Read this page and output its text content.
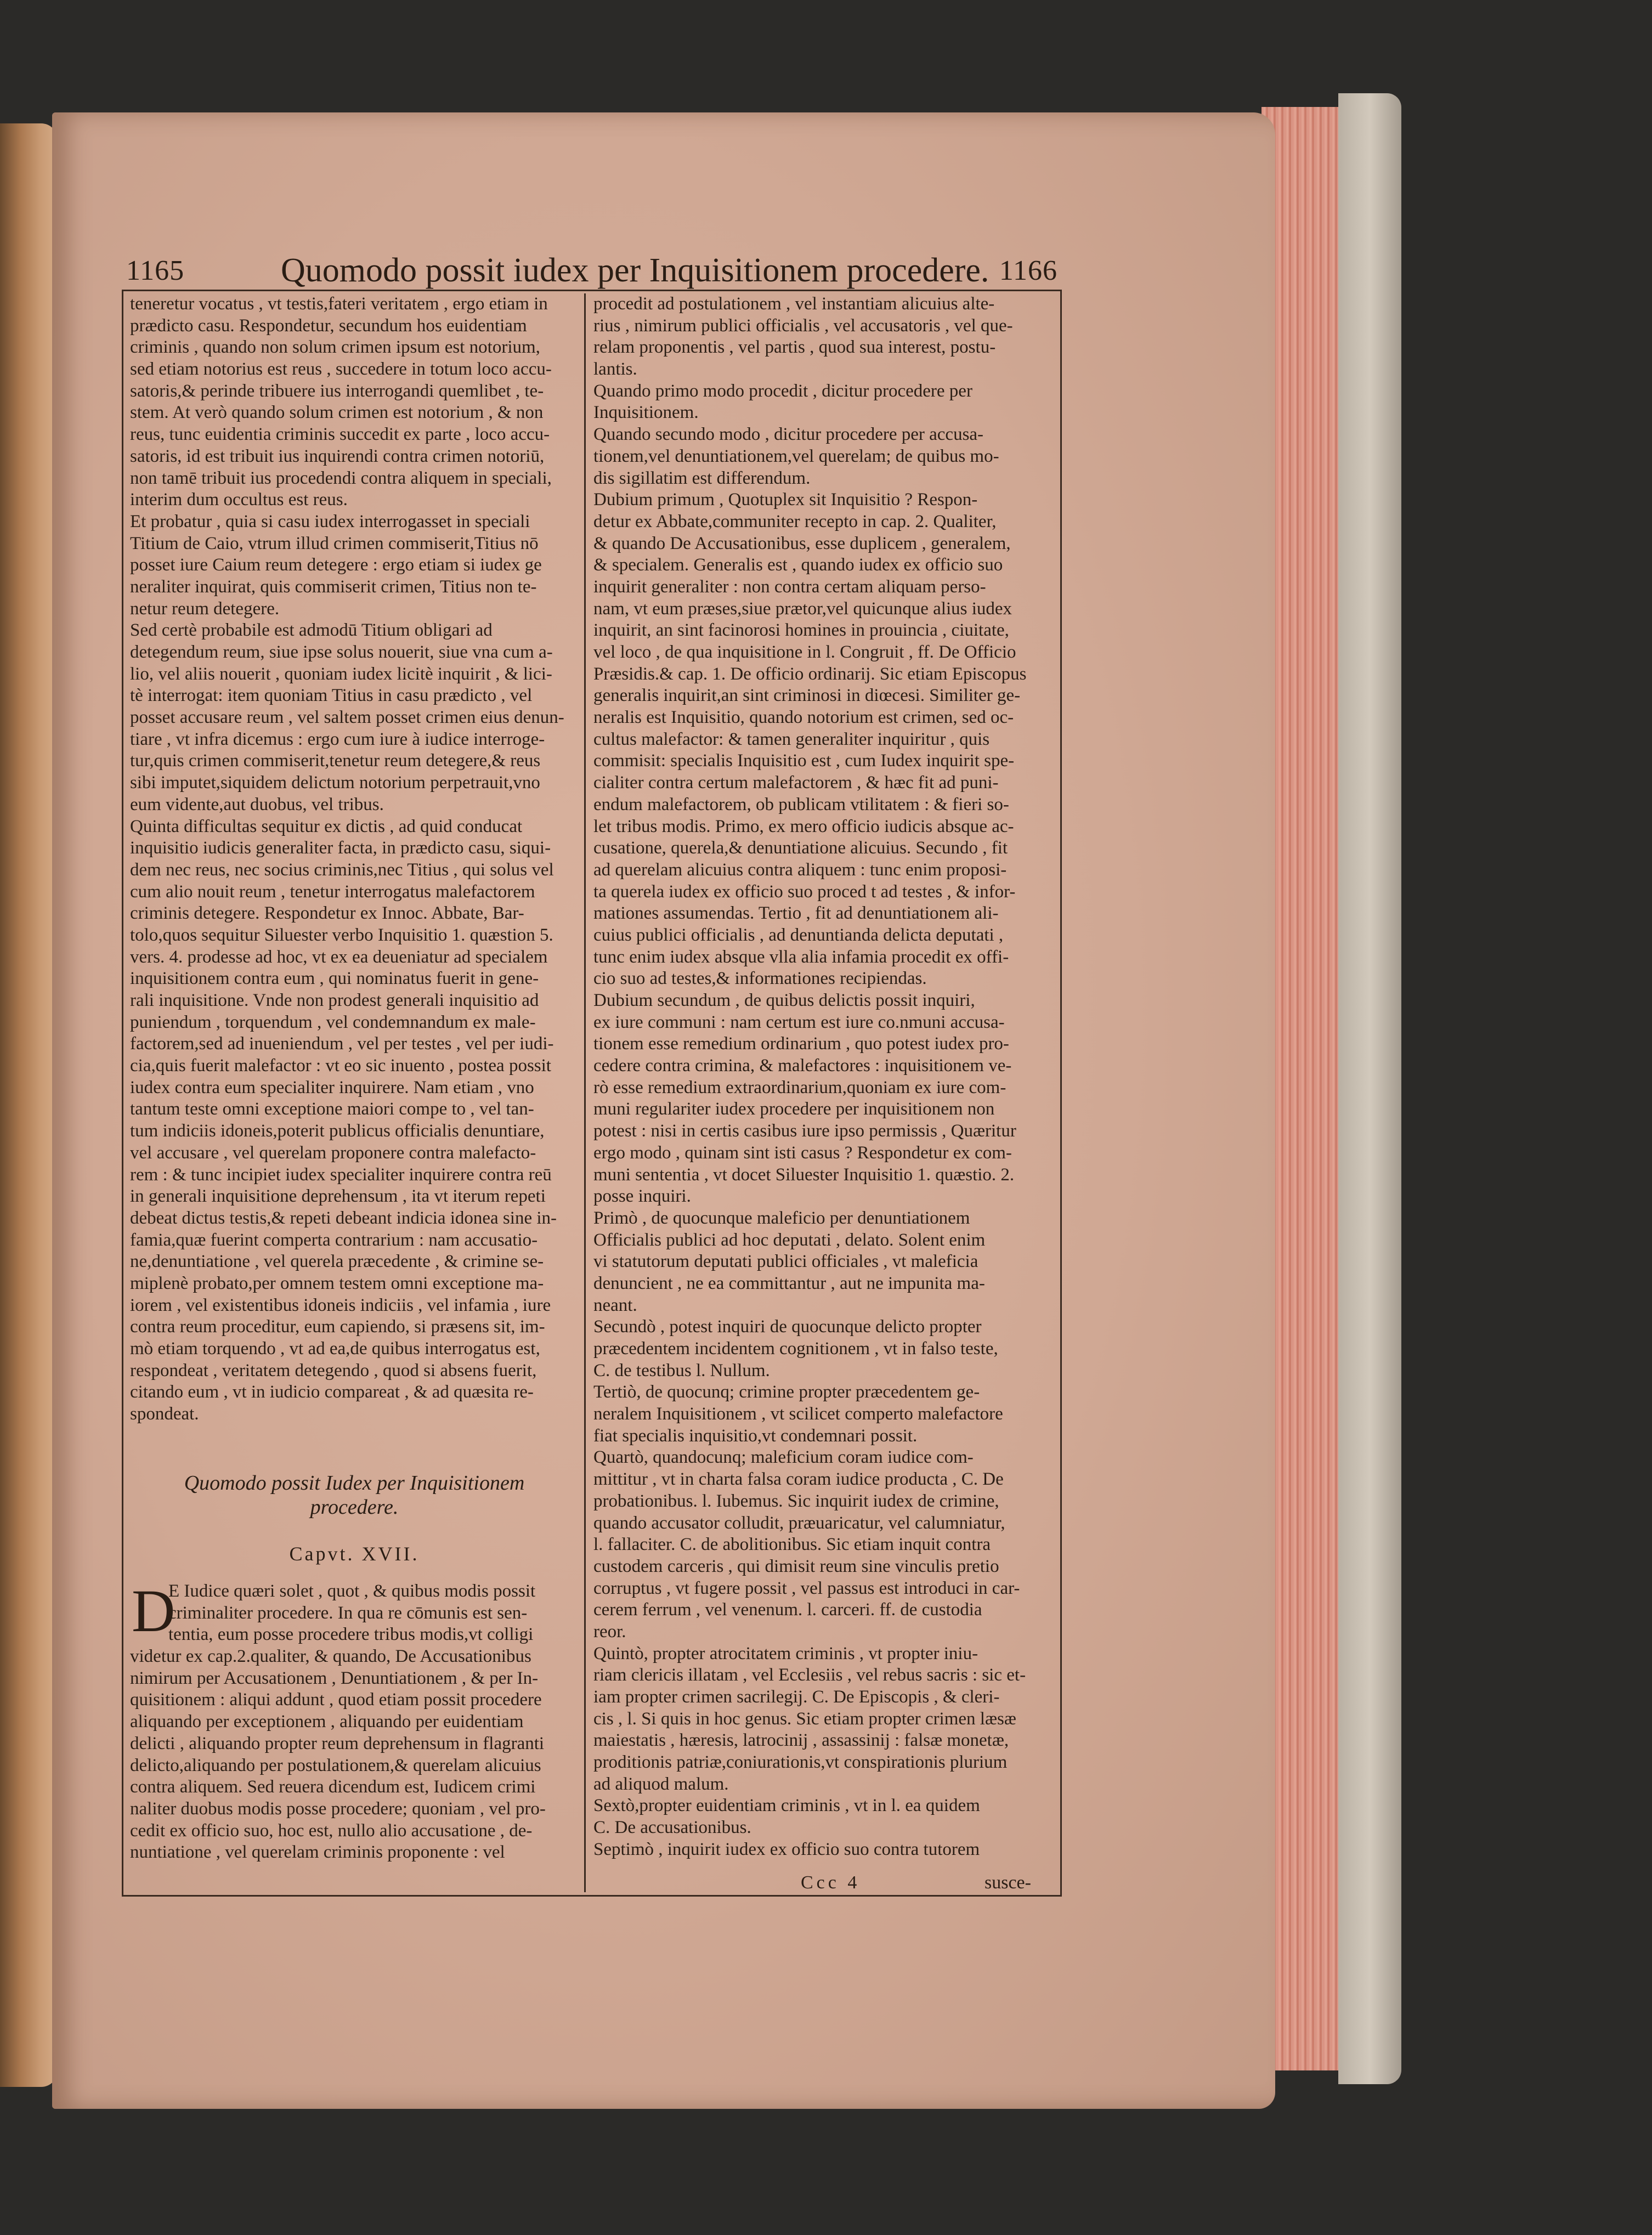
1165	Quomodo possit iudex per Inquisitionem procedere. 1166
teneretur vocatus , vt testis,fateri veritatem , ergo etiam in
prædicto casu. Respondetur, secundum hos euidentiam
criminis , quando non solum crimen ipsum est notorium,
sed etiam notorius est reus , succedere in totum loco accu-
satoris,& perinde tribuere ius interrogandi quemlibet , te-
stem. At verò quando solum crimen est notorium , & non
reus, tunc euidentia criminis succedit ex parte , loco accu-
satoris, id est tribuit ius inquirendi contra crimen notoriū,
non tamē tribuit ius procedendi contra aliquem in speciali,
interim dum occultus est reus.
Et probatur , quia si casu iudex interrogasset in speciali
Titium de Caio, vtrum illud crimen commiserit,Titius nō
posset iure Caium reum detegere : ergo etiam si iudex ge
neraliter inquirat, quis commiserit crimen, Titius non te-
netur reum detegere.
Sed certè probabile est admodū Titium obligari ad
detegendum reum, siue ipse solus nouerit, siue vna cum a-
lio, vel aliis nouerit , quoniam iudex licitè inquirit , & lici-
tè interrogat: item quoniam Titius in casu prædicto , vel
posset accusare reum , vel saltem posset crimen eius denun-
tiare , vt infra dicemus : ergo cum iure à iudice interroge-
tur,quis crimen commiserit,tenetur reum detegere,& reus
sibi imputet,siquidem delictum notorium perpetrauit,vno
eum vidente,aut duobus, vel tribus.
Quinta difficultas sequitur ex dictis , ad quid conducat
inquisitio iudicis generaliter facta, in prædicto casu, siqui-
dem nec reus, nec socius criminis,nec Titius , qui solus vel
cum alio nouit reum , tenetur interrogatus malefactorem
criminis detegere. Respondetur ex Innoc. Abbate, Bar-
tolo,quos sequitur Siluester verbo Inquisitio 1. quæstion 5.
vers. 4. prodesse ad hoc, vt ex ea deueniatur ad specialem
inquisitionem contra eum , qui nominatus fuerit in gene-
rali inquisitione. Vnde non prodest generali inquisitio ad
puniendum , torquendum , vel condemnandum ex male-
factorem,sed ad inueniendum , vel per testes , vel per iudi-
cia,quis fuerit malefactor : vt eo sic inuento , postea possit
iudex contra eum specialiter inquirere. Nam etiam , vno
tantum teste omni exceptione maiori compe to , vel tan-
tum indiciis idoneis,poterit publicus officialis denuntiare,
vel accusare , vel querelam proponere contra malefacto-
rem : & tunc incipiet iudex specialiter inquirere contra reū
in generali inquisitione deprehensum , ita vt iterum repeti
debeat dictus testis,& repeti debeant indicia idonea sine in-
famia,quæ fuerint comperta contrarium : nam accusatio-
ne,denuntiatione , vel querela præcedente , & crimine se-
miplenè probato,per omnem testem omni exceptione ma-
iorem , vel existentibus idoneis indiciis , vel infamia , iure
contra reum proceditur, eum capiendo, si præsens sit, im-
mò etiam torquendo , vt ad ea,de quibus interrogatus est,
respondeat , veritatem detegendo , quod si absens fuerit,
citando eum , vt in iudicio compareat , & ad quæsita re-
spondeat.
Quomodo possit Iudex per Inquisitionem
procedere.
Capvt. XVII.
D
E Iudice quæri solet , quot , & quibus modis possit
criminaliter procedere. In qua re cōmunis est sen-
tentia, eum posse procedere tribus modis,vt colligi
videtur ex cap.2.qualiter, & quando, De Accusationibus
nimirum per Accusationem , Denuntiationem , & per In-
quisitionem : aliqui addunt , quod etiam possit procedere
aliquando per exceptionem , aliquando per euidentiam
delicti , aliquando propter reum deprehensum in flagranti
delicto,aliquando per postulationem,& querelam alicuius
contra aliquem. Sed reuera dicendum est, Iudicem crimi
naliter duobus modis posse procedere; quoniam , vel pro-
cedit ex officio suo, hoc est, nullo alio accusatione , de-
nuntiatione , vel querelam criminis proponente : vel
procedit ad postulationem , vel instantiam alicuius alte-
rius , nimirum publici officialis , vel accusatoris , vel que-
relam proponentis , vel partis , quod sua interest, postu-
lantis.
Quando primo modo procedit , dicitur procedere per
Inquisitionem.
Quando secundo modo , dicitur procedere per accusa-
tionem,vel denuntiationem,vel querelam; de quibus mo-
dis sigillatim est differendum.
Dubium primum , Quotuplex sit Inquisitio ? Respon-
detur ex Abbate,communiter recepto in cap. 2. Qualiter,
& quando De Accusationibus, esse duplicem , generalem,
& specialem. Generalis est , quando iudex ex officio suo
inquirit generaliter : non contra certam aliquam perso-
nam, vt eum præses,siue prætor,vel quicunque alius iudex
inquirit, an sint facinorosi homines in prouincia , ciuitate,
vel loco , de qua inquisitione in l. Congruit , ff. De Officio
Præsidis.& cap. 1. De officio ordinarij. Sic etiam Episcopus
generalis inquirit,an sint criminosi in diœcesi. Similiter ge-
neralis est Inquisitio, quando notorium est crimen, sed oc-
cultus malefactor: & tamen generaliter inquiritur , quis
commisit: specialis Inquisitio est , cum Iudex inquirit spe-
cialiter contra certum malefactorem , & hæc fit ad puni-
endum malefactorem, ob publicam vtilitatem : & fieri so-
let tribus modis. Primo, ex mero officio iudicis absque ac-
cusatione, querela,& denuntiatione alicuius. Secundo , fit
ad querelam alicuius contra aliquem : tunc enim proposi-
ta querela iudex ex officio suo proced t ad testes , & infor-
mationes assumendas. Tertio , fit ad denuntiationem ali-
cuius publici officialis , ad denuntianda delicta deputati ,
tunc enim iudex absque vlla alia infamia procedit ex offi-
cio suo ad testes,& informationes recipiendas.
Dubium secundum , de quibus delictis possit inquiri,
ex iure communi : nam certum est iure co.nmuni accusa-
tionem esse remedium ordinarium , quo potest iudex pro-
cedere contra crimina, & malefactores : inquisitionem ve-
rò esse remedium extraordinarium,quoniam ex iure com-
muni regulariter iudex procedere per inquisitionem non
potest : nisi in certis casibus iure ipso permissis , Quæritur
ergo modo , quinam sint isti casus ? Respondetur ex com-
muni sententia , vt docet Siluester Inquisitio 1. quæstio. 2.
posse inquiri.
Primò , de quocunque maleficio per denuntiationem
Officialis publici ad hoc deputati , delato. Solent enim
vi statutorum deputati publici officiales , vt maleficia
denuncient , ne ea committantur , aut ne impunita ma-
neant.
Secundò , potest inquiri de quocunque delicto propter
præcedentem incidentem cognitionem , vt in falso teste,
C. de testibus l. Nullum.
Tertiò, de quocunq; crimine propter præcedentem ge-
neralem Inquisitionem , vt scilicet comperto malefactore
fiat specialis inquisitio,vt condemnari possit.
Quartò, quandocunq; maleficium coram iudice com-
mittitur , vt in charta falsa coram iudice producta , C. De
probationibus. l. Iubemus. Sic inquirit iudex de crimine,
quando accusator colludit, præuaricatur, vel calumniatur,
l. fallaciter. C. de abolitionibus. Sic etiam inquit contra
custodem carceris , qui dimisit reum sine vinculis pretio
corruptus , vt fugere possit , vel passus est introduci in car-
cerem ferrum , vel venenum. l. carceri. ff. de custodia
reor.
Quintò, propter atrocitatem criminis , vt propter iniu-
riam clericis illatam , vel Ecclesiis , vel rebus sacris : sic et-
iam propter crimen sacrilegij. C. De Episcopis , & cleri-
cis , l. Si quis in hoc genus. Sic etiam propter crimen læsæ
maiestatis , hæresis, latrocinij , assassinij : falsæ monetæ,
proditionis patriæ,coniurationis,vt conspirationis plurium
ad aliquod malum.
Sextò,propter euidentiam criminis , vt in l. ea quidem
C. De accusationibus.
Septimò , inquirit iudex ex officio suo contra tutorem
Ccc 4	susce-
